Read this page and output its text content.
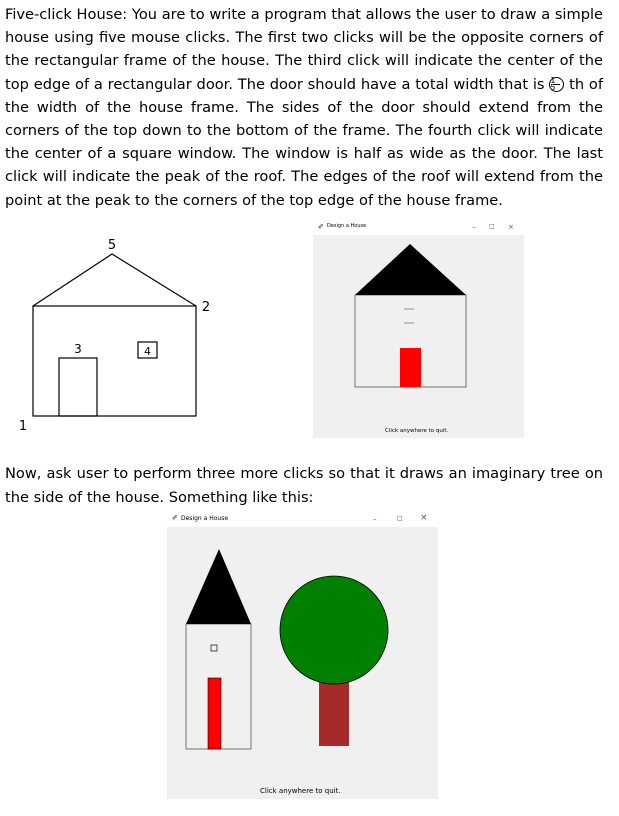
Five-click House: You are to write a program that allows the user to draw a simple house using five mouse clicks. The first two clicks will be the opposite corners of the rectangular frame of the house. The third click will indicate the center of the top edge of a rectangular door. The door should have a total width that is $\frac{1}{5}$ th of the width of the house frame. The sides of the door should extend from the corners of the top down to the bottom of the frame. The fourth click will indicate the center of a square window. The window is half as wide as the door. The last click will indicate the peak of the roof. The edges of the roof will extend from the point at the peak to the corners of the top edge of the house frame.
1
2
3	4
5
✐ Design a House	– □ ×
Click anywhere to quit.
Now, ask user to perform three more clicks so that it draws an imaginary tree on the side of the house. Something like this:
✐ Design a House	–	□ ×
Click anywhere to quit.
